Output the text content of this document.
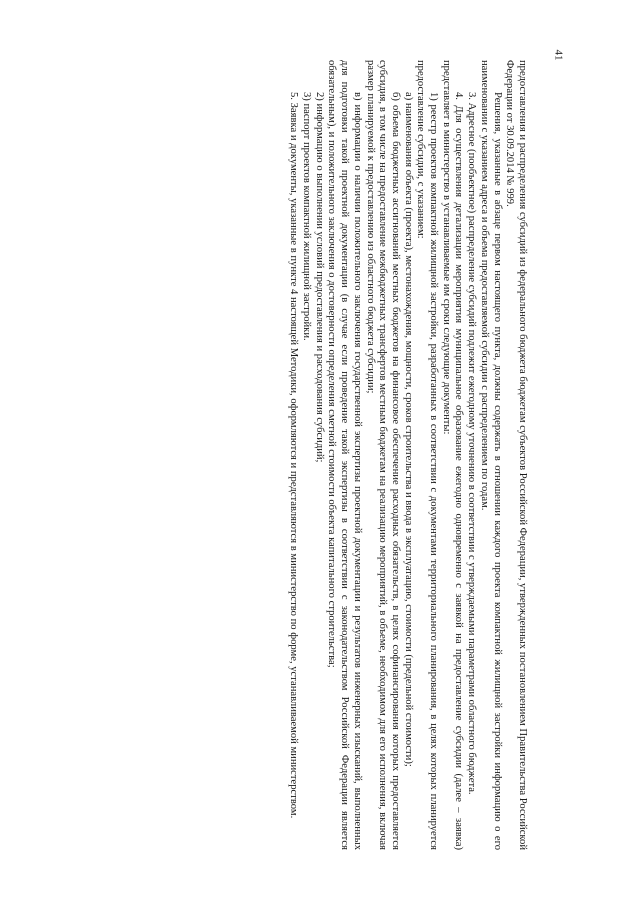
41

предоставления и распределения субсидий из федерального бюджета бюджетам субъектов Российской Федерации, утвержденных постановлением Правительства Российской Федерации от 30.09.2014 № 999.

Решения, указанные в абзаце первом настоящего пункта, должны содержать в отношении каждого проекта компактной жилищной застройки информацию о его наименовании с указанием адреса и объема предоставляемой субсидии с распределением по годам.

3. Адресное (пообъектное) распределение субсидий подлежит ежегодному уточнению в соответствии с утверждаемыми параметрами областного бюджета.

4. Для осуществления детализации мероприятия муниципальное образование ежегодно одновременно с заявкой на предоставление субсидии (далее – заявка) представляет в министерство в устанавливаемые им сроки следующие документы:

1) реестр проектов компактной жилищной застройки, разработанных в соответствии с документами территориального планирования, в целях которых планируется предоставление субсидии, с указанием:

а) наименования объекта (проекта), местонахождения, мощности, сроков строительства и ввода в эксплуатацию, стоимости (предельной стоимости);

б) объема бюджетных ассигнований местных бюджетов на финансовое обеспечение расходных обязательств, в целях софинансирования которых предоставляется субсидия, в том числе на предоставление межбюджетных трансфертов местным бюджетам на реализацию мероприятий, в объеме, необходимом для его исполнения, включая размер планируемой к предоставлению из областного бюджета субсидии;

в) информации о наличии положительного заключения государственной экспертизы проектной документации и результатов инженерных изысканий, выполненных для подготовки такой проектной документации (в случае если проведение такой экспертизы в соответствии с законодательством Российской Федерации является обязательным), и положительного заключения о достоверности определения сметной стоимости объекта капитального строительства;

2) информацию о выполнении условий предоставления и расходования субсидий;

3) паспорт проектов компактной жилищной застройки.

5. Заявка и документы, указанные в пункте 4 настоящей Методики, оформляются и представляются в министерство по форме, устанавливаемой министерством.
